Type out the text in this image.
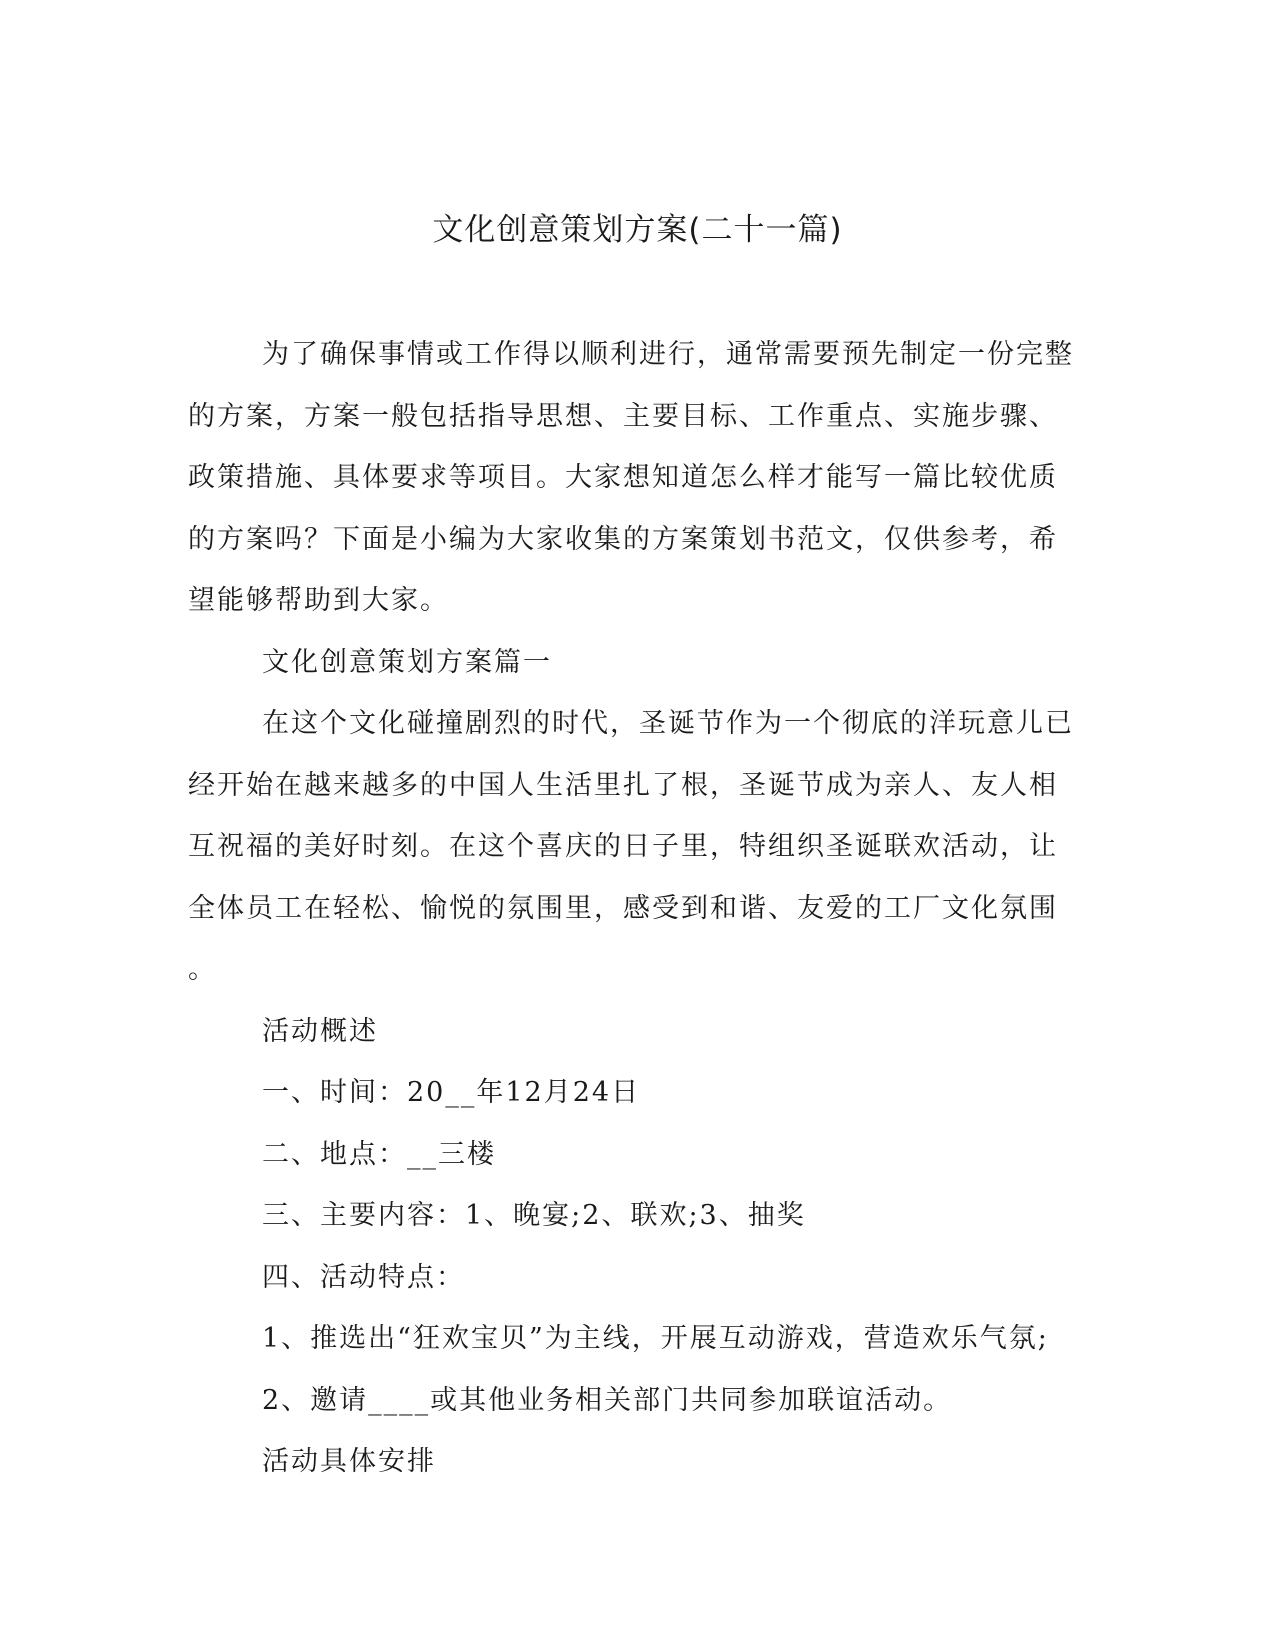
文化创意策划方案(二十一篇)

为了确保事情或工作得以顺利进行，通常需要预先制定一份完整
的方案，方案一般包括指导思想、主要目标、工作重点、实施步骤、
政策措施、具体要求等项目。大家想知道怎么样才能写一篇比较优质
的方案吗？下面是小编为大家收集的方案策划书范文，仅供参考，希
望能够帮助到大家。

文化创意策划方案篇一

在这个文化碰撞剧烈的时代，圣诞节作为一个彻底的洋玩意儿已
经开始在越来越多的中国人生活里扎了根，圣诞节成为亲人、友人相
互祝福的美好时刻。在这个喜庆的日子里，特组织圣诞联欢活动，让
全体员工在轻松、愉悦的氛围里，感受到和谐、友爱的工厂文化氛围
。

活动概述

一、时间：20__年12月24日

二、地点：__三楼

三、主要内容：1、晚宴;2、联欢;3、抽奖

四、活动特点：

1、推选出“狂欢宝贝”为主线，开展互动游戏，营造欢乐气氛;

2、邀请____或其他业务相关部门共同参加联谊活动。

活动具体安排
